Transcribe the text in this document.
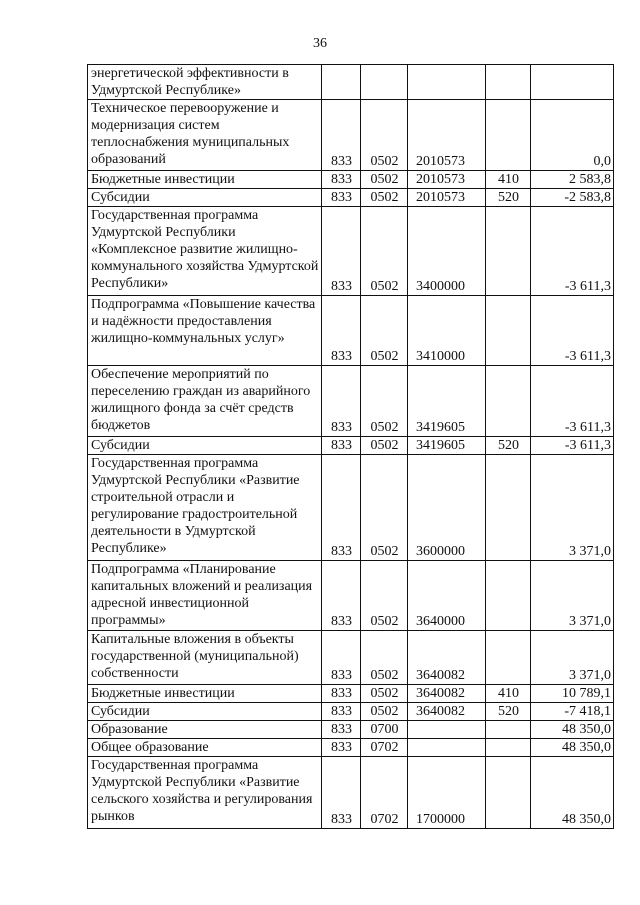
36
энергетической эффективности в Удмуртской Республике»					
Техническое перевооружение и модернизация систем теплоснабжения муниципальных образований	833	0502	2010573		0,0
Бюджетные инвестиции	833	0502	2010573	410	2 583,8
Субсидии	833	0502	2010573	520	-2 583,8
Государственная программа Удмуртской Республики «Комплексное развитие жилищно-коммунального хозяйства Удмуртской Республики»	833	0502	3400000		-3 611,3
Подпрограмма «Повышение качества и надёжности предоставления жилищно-коммунальных услуг»	833	0502	3410000		-3 611,3
Обеспечение мероприятий по переселению граждан из аварийного жилищного фонда за счёт средств бюджетов	833	0502	3419605		-3 611,3
Субсидии	833	0502	3419605	520	-3 611,3
Государственная программа Удмуртской Республики «Развитие строительной отрасли и регулирование градостроительной деятельности в Удмуртской Республике»	833	0502	3600000		3 371,0
Подпрограмма «Планирование капитальных вложений и реализация адресной инвестиционной программы»	833	0502	3640000		3 371,0
Капитальные вложения в объекты государственной (муниципальной) собственности	833	0502	3640082		3 371,0
Бюджетные инвестиции	833	0502	3640082	410	10 789,1
Субсидии	833	0502	3640082	520	-7 418,1
Образование	833	0700			48 350,0
Общее образование	833	0702			48 350,0
Государственная программа Удмуртской Республики «Развитие сельского хозяйства и регулирования рынков	833	0702	1700000		48 350,0
